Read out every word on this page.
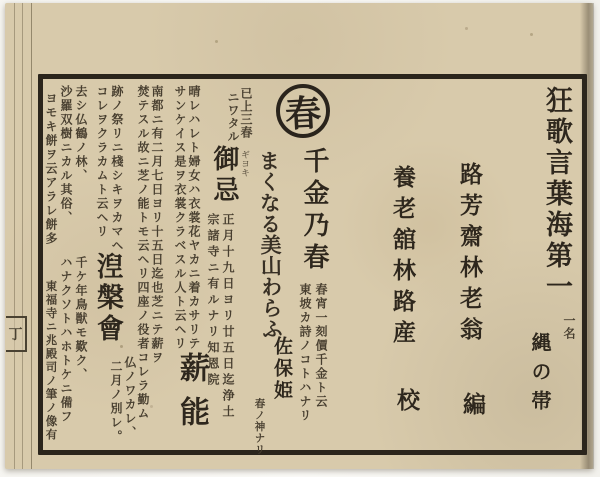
春
丁
狂歌言葉海第一
一名
縄の帯
路芳齋林老翁
編
養老舘林路産
校
千金乃春
春宵一刻價千金ト云
東坡カ詩ノコトハナリ
まくなる美山わらふ
佐保姫
春ノ神ナリ
已上三春
ニワタル
御忌 ギヨキ
正月十九日ヨリ廿五日迄浄土
宗諸寺ニ有ルナリ知恩院
晴レハレト婦女ハ衣裳花ヤカニ着カサリテ
サンケイス是ヲ衣裳クラベスル人ト云ヘリ
薪能
南都ニ有二月七日ヨリ十五日迄也芝ニテ薪ヲ
焚テスル故ニ芝ノ能トモ云ヘリ四座ノ役者コレラ勤ム
跡ノ祭リニ棧シキヲカマヘ
コレヲクラカムト云ヘリ
湼槃會
仏ノワカレ、
二月ノ別レ。
去シ仏鶴ノ林、
沙羅双樹ニカル其俗、
千ケ年鳥獣モ歎ク、
ハナクソトハホトケニ備フ
ヨモキ餅ヲ云アラレ餅多
東福寺ニ兆殿司ノ筆ノ像有
